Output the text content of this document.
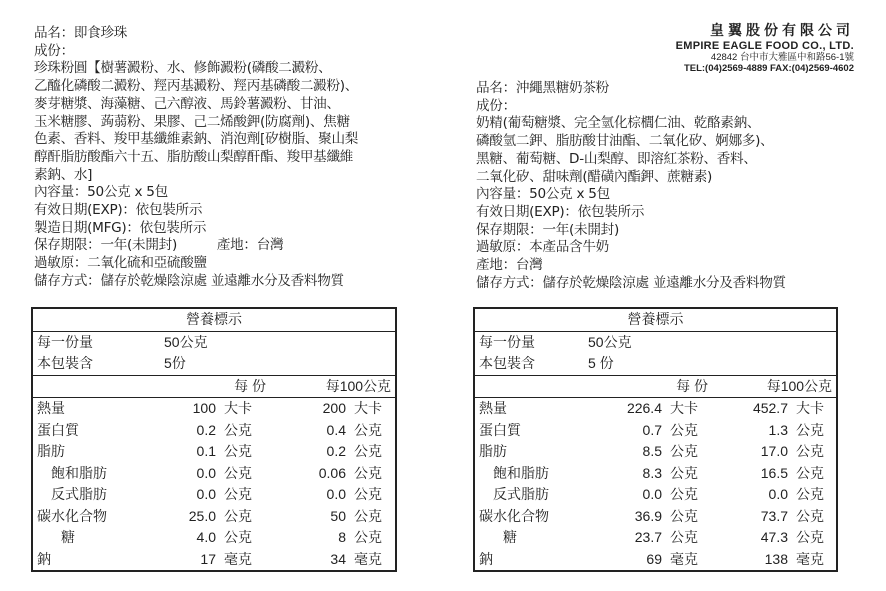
品名：即食珍珠
成份：
珍珠粉圓【樹薯澱粉、水、修飾澱粉(磷酸二澱粉、
乙醯化磷酸二澱粉、羥丙基澱粉、羥丙基磷酸二澱粉)、
麥芽糖漿、海藻糖、己六醇液、馬鈴薯澱粉、甘油、
玉米糖膠、蒟蒻粉、果膠、己二烯酸鉀(防腐劑)、焦糖
色素、香料、羧甲基纖維素鈉、消泡劑[矽樹脂、聚山梨
醇酐脂肪酸酯六十五、脂肪酸山梨醇酐酯、羧甲基纖維
素鈉、水]
內容量：50公克 x 5包
有效日期(EXP)：依包裝所示
製造日期(MFG)：依包裝所示
保存期限：一年(未開封)　　　產地：台灣
過敏原：二氧化硫和亞硫酸鹽
儲存方式：儲存於乾燥陰涼處 並遠離水分及香料物質
皇翼股份有限公司
EMPIRE EAGLE FOOD CO., LTD.
42842 台中市大雅區中和路56-1號
TEL:(04)2569-4889 FAX:(04)2569-4602
品名：沖繩黑糖奶茶粉
成份：
奶精(葡萄糖漿、完全氫化棕櫚仁油、乾酪素鈉、
磷酸氫二鉀、脂肪酸甘油酯、二氧化矽、婀娜多)、
黑糖、葡萄糖、D-山梨醇、即溶紅茶粉、香料、
二氧化矽、甜味劑(醋磺內酯鉀、蔗糖素)
內容量：50公克 x 5包
有效日期(EXP)：依包裝所示
保存期限：一年(未開封)
過敏原：本產品含牛奶
產地：台灣
儲存方式：儲存於乾燥陰涼處 並遠離水分及香料物質
營養標示				
每一份量	50公克			
本包裝含	5份			
	每 份		每100公克	
熱量	100	大卡	200	大卡
蛋白質	0.2	公克	0.4	公克
脂肪	0.1	公克	0.2	公克
飽和脂肪	0.0	公克	0.06	公克
反式脂肪	0.0	公克	0.0	公克
碳水化合物	25.0	公克	50	公克
糖	4.0	公克	8	公克
鈉	17	毫克	34	毫克
營養標示				
每一份量	50公克			
本包裝含	5 份			
	每 份		每100公克	
熱量	226.4	大卡	452.7	大卡
蛋白質	0.7	公克	1.3	公克
脂肪	8.5	公克	17.0	公克
飽和脂肪	8.3	公克	16.5	公克
反式脂肪	0.0	公克	0.0	公克
碳水化合物	36.9	公克	73.7	公克
糖	23.7	公克	47.3	公克
鈉	69	毫克	138	毫克
